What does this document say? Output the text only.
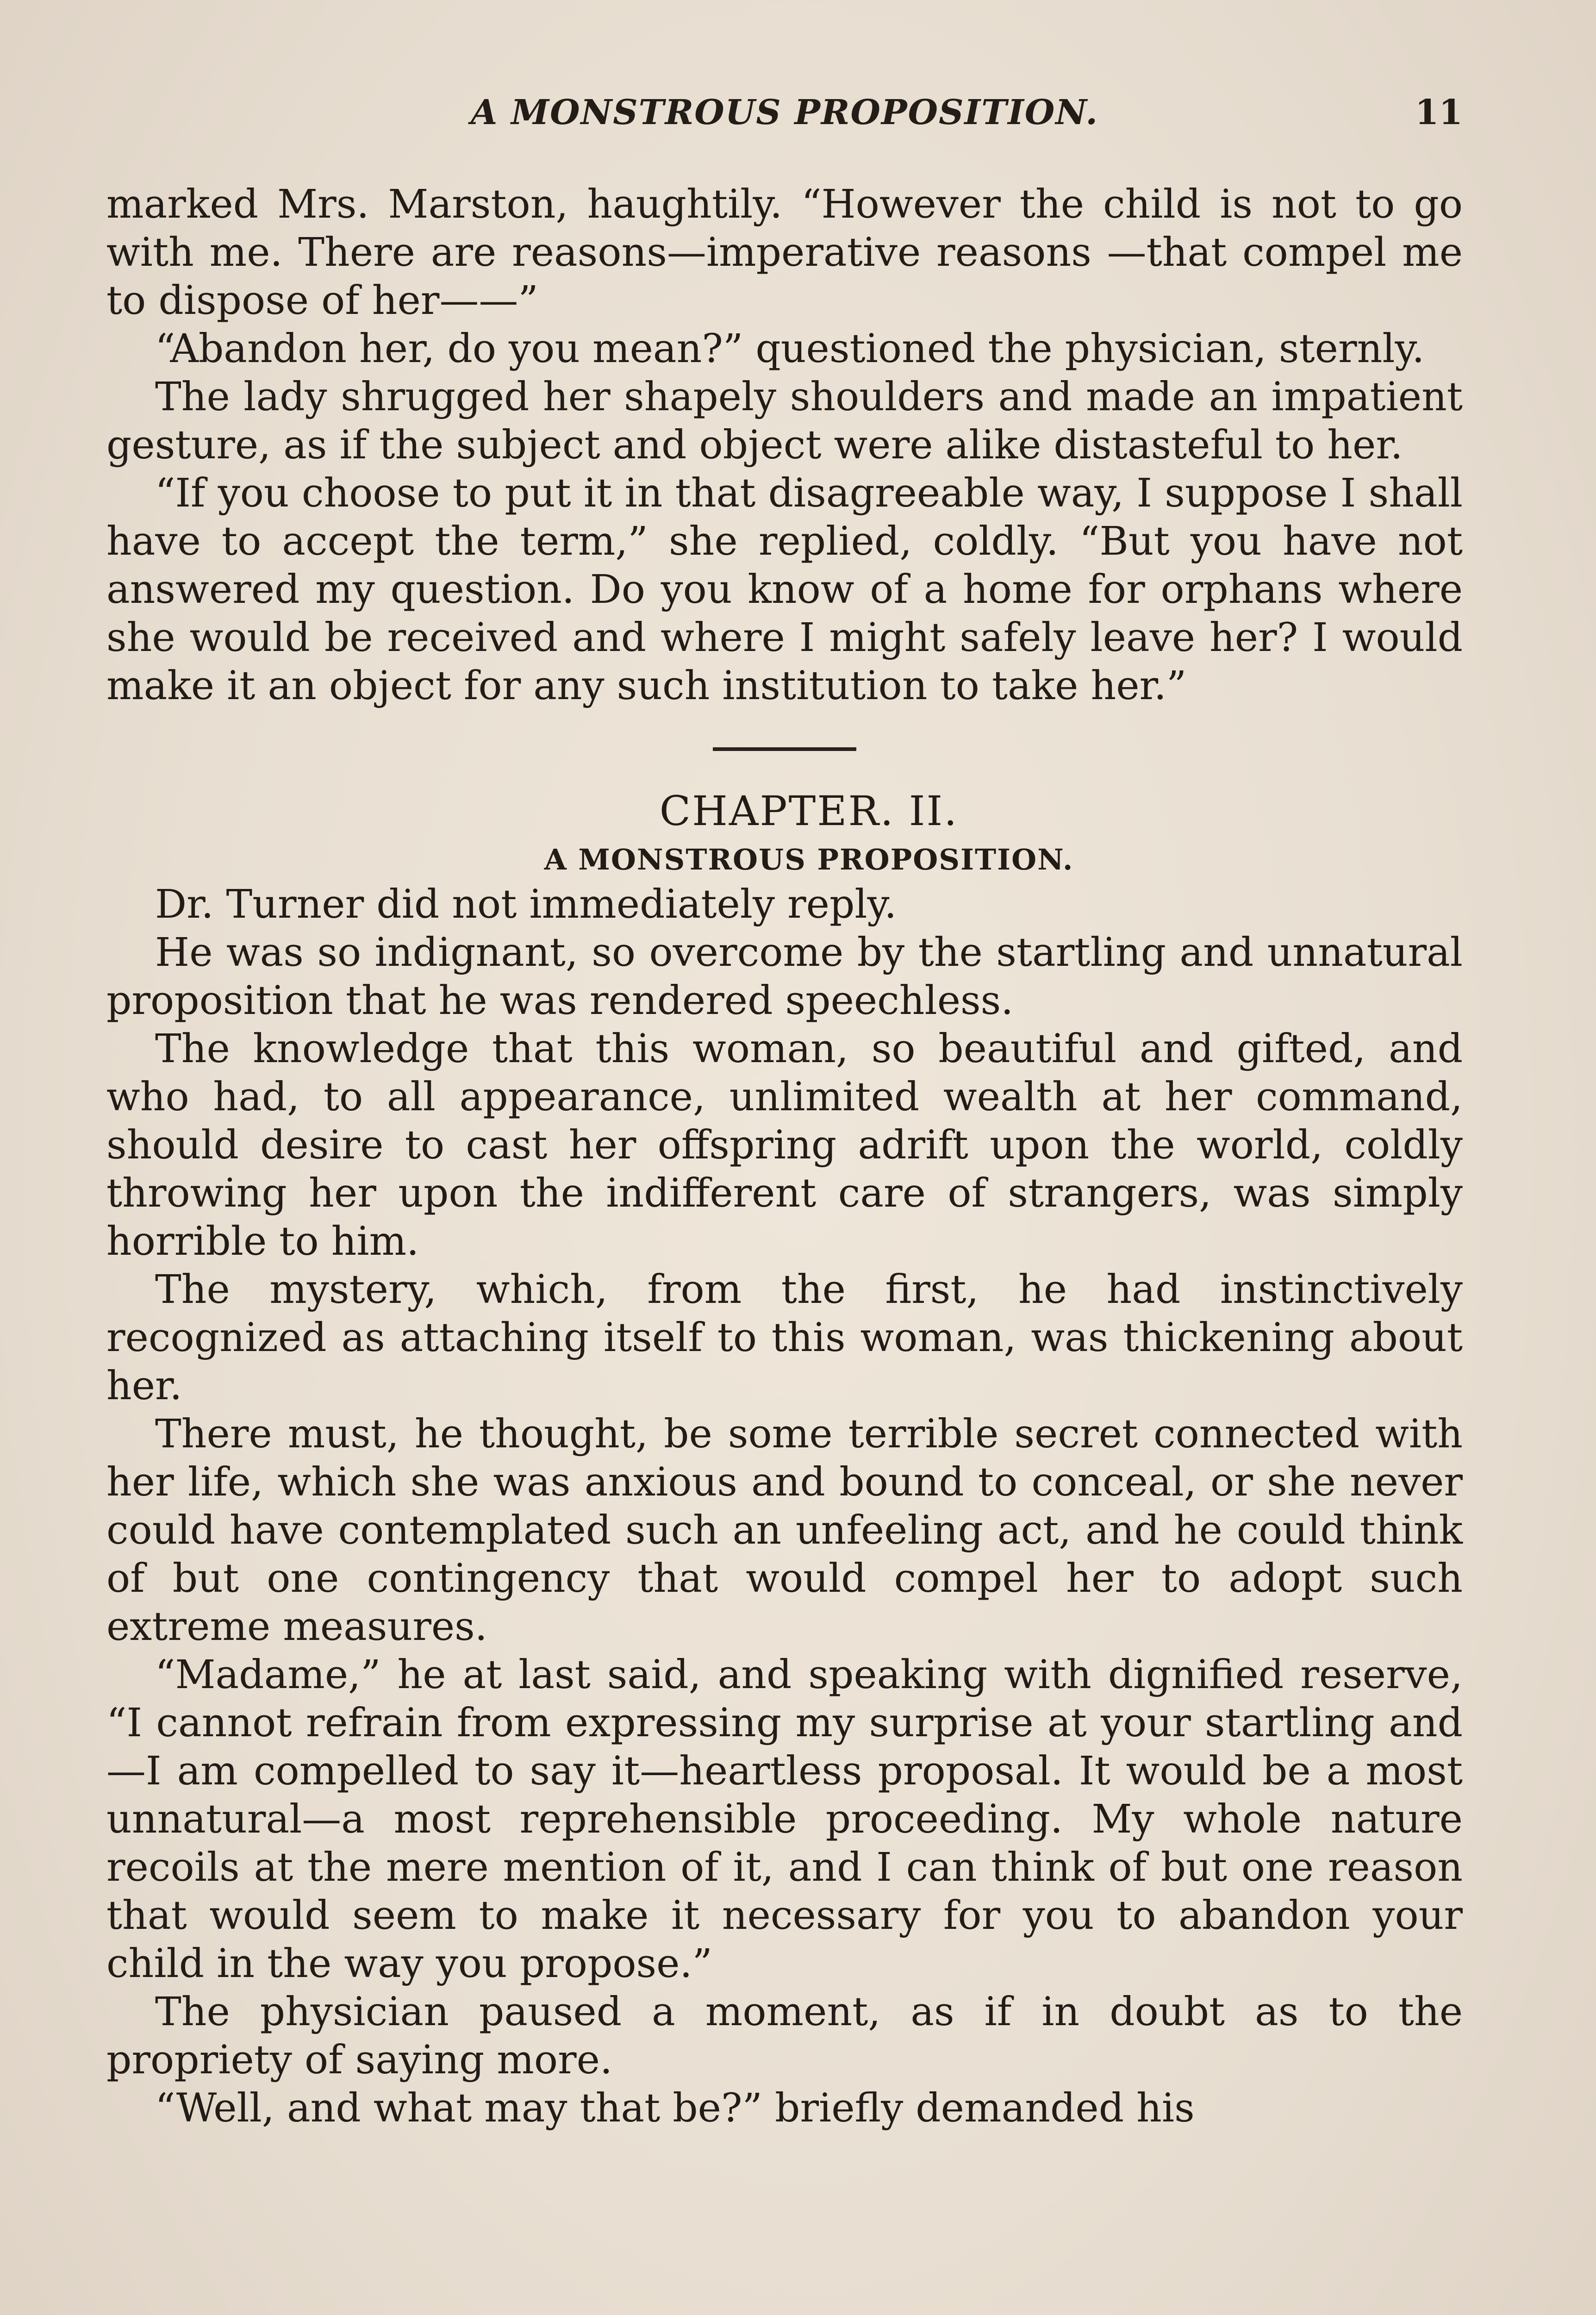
A MONSTROUS PROPOSITION.	11

marked Mrs. Marston, haughtily. “However the child is not to go with me. There are reasons—imperative reasons —that compel me to dispose of her——”

“Abandon her, do you mean?” questioned the physician, sternly.

The lady shrugged her shapely shoulders and made an impatient gesture, as if the subject and object were alike distasteful to her.

“If you choose to put it in that disagreeable way, I suppose I shall have to accept the term,” she replied, coldly. “But you have not answered my question. Do you know of a home for orphans where she would be received and where I might safely leave her? I would make it an object for any such institution to take her.”

CHAPTER. II.

A MONSTROUS PROPOSITION.

Dr. Turner did not immediately reply.

He was so indignant, so overcome by the startling and unnatural proposition that he was rendered speechless.

The knowledge that this woman, so beautiful and gifted, and who had, to all appearance, unlimited wealth at her command, should desire to cast her offspring adrift upon the world, coldly throwing her upon the indifferent care of strangers, was simply horrible to him.

The mystery, which, from the first, he had instinctively recognized as attaching itself to this woman, was thickening about her.

There must, he thought, be some terrible secret connected with her life, which she was anxious and bound to conceal, or she never could have contemplated such an unfeeling act, and he could think of but one contingency that would compel her to adopt such extreme measures.

“Madame,” he at last said, and speaking with dignified reserve, “I cannot refrain from expressing my surprise at your startling and—I am compelled to say it—heartless proposal. It would be a most unnatural—a most reprehensible proceeding. My whole nature recoils at the mere mention of it, and I can think of but one reason that would seem to make it necessary for you to abandon your child in the way you propose.”

The physician paused a moment, as if in doubt as to the propriety of saying more.

“Well, and what may that be?” briefly demanded his
